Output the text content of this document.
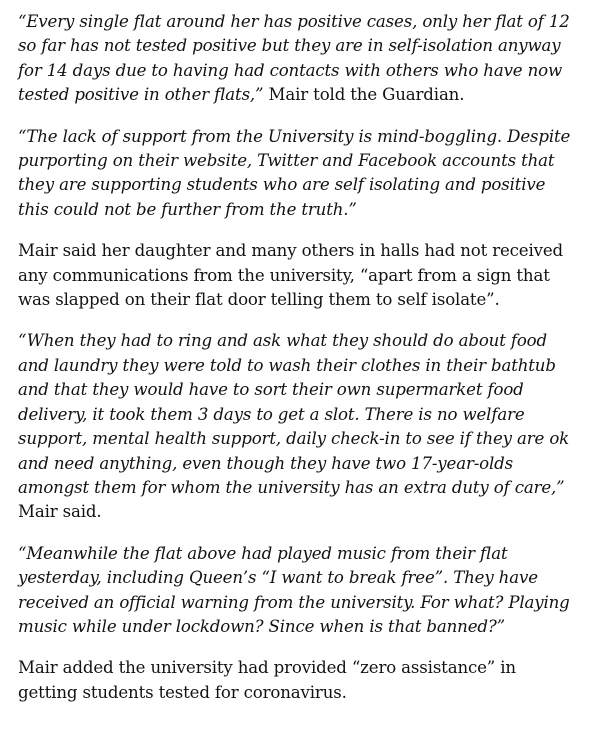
“Every single flat around her has positive cases, only her flat of 12 so far has not tested positive but they are in self-isolation anyway for 14 days due to having had contacts with others who have now tested positive in other flats,” Mair told the Guardian.

“The lack of support from the University is mind-boggling. Despite purporting on their website, Twitter and Facebook accounts that they are supporting students who are self isolating and positive this could not be further from the truth.”

Mair said her daughter and many others in halls had not received any communications from the university, “apart from a sign that was slapped on their flat door telling them to self isolate”.

“When they had to ring and ask what they should do about food and laundry they were told to wash their clothes in their bathtub and that they would have to sort their own supermarket food delivery, it took them 3 days to get a slot. There is no welfare support, mental health support, daily check-in to see if they are ok and need anything, even though they have two 17-year-olds amongst them for whom the university has an extra duty of care,” Mair said.

“Meanwhile the flat above had played music from their flat yesterday, including Queen’s “I want to break free”. They have received an official warning from the university. For what? Playing music while under lockdown? Since when is that banned?”

Mair added the university had provided “zero assistance” in getting students tested for coronavirus.
